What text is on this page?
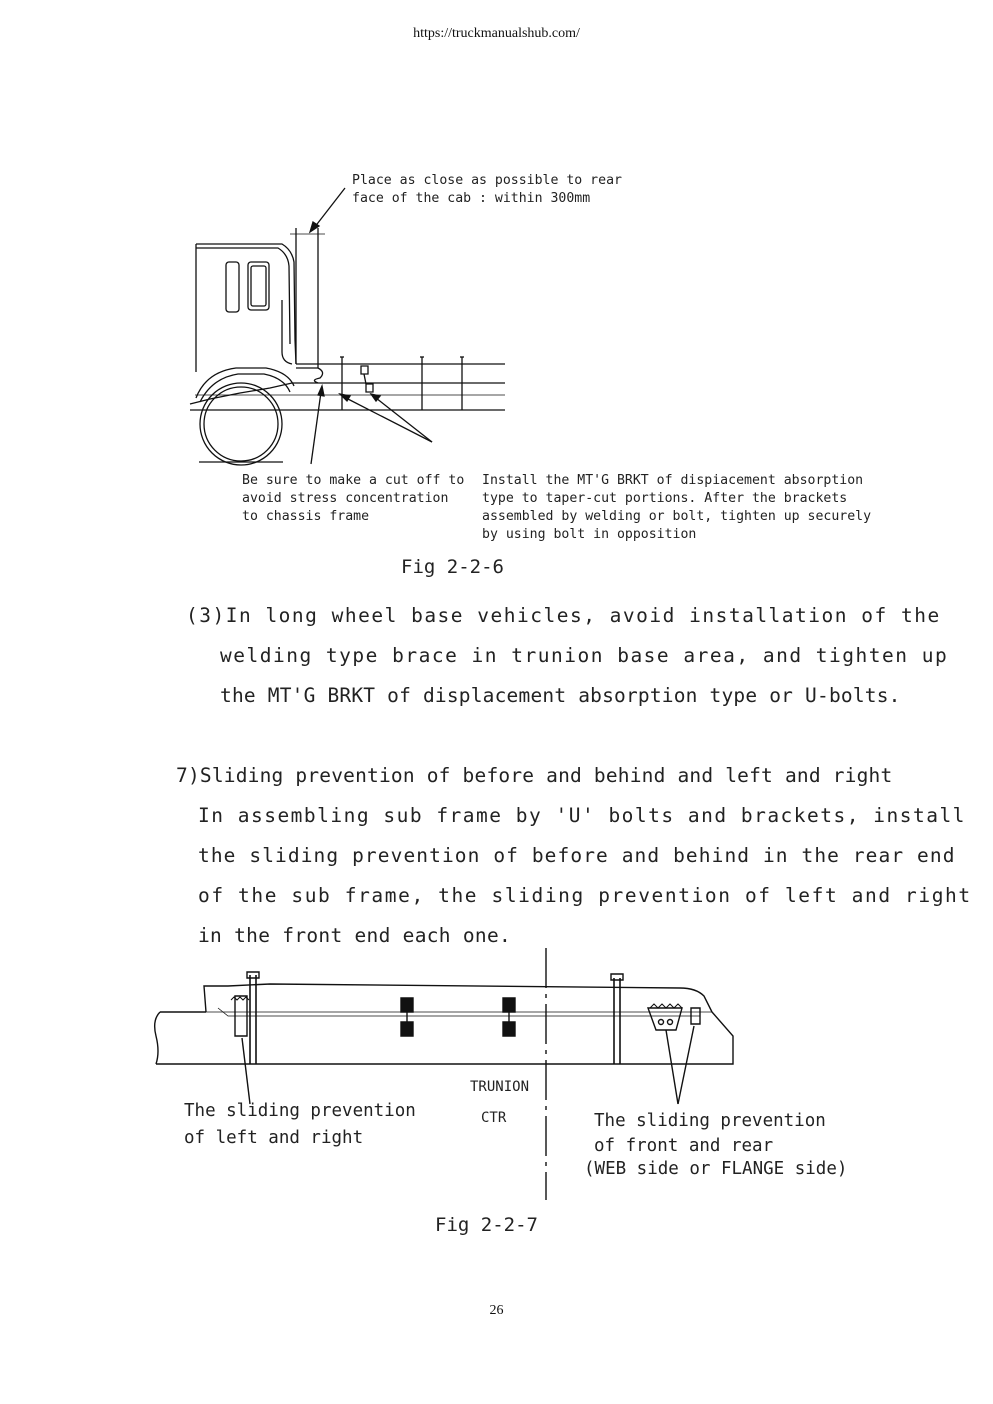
https://truckmanualshub.com/
Place as close as possible to rear
face of the cab : within 300mm
Be sure to make a cut off to
avoid stress concentration
to chassis frame
Install the MT'G BRKT of dispiacement absorption
type to taper-cut portions. After the brackets
assembled by welding or bolt, tighten up securely
by using bolt in opposition
Fig 2-2-6
(3)In long wheel base vehicles, avoid installation of the
welding type brace in trunion base area, and tighten up
the MT'G BRKT of displacement absorption type or U-bolts.
7)Sliding prevention of before and behind and left and right
In assembling sub frame by 'U' bolts and brackets, install
the sliding prevention of before and behind in the rear end
of the sub frame, the sliding prevention of left and right
in the front end each one.
The sliding prevention
of left and right
TRUNION
CTR	The sliding prevention
of front and rear
(WEB side or FLANGE side)
Fig 2-2-7
26
